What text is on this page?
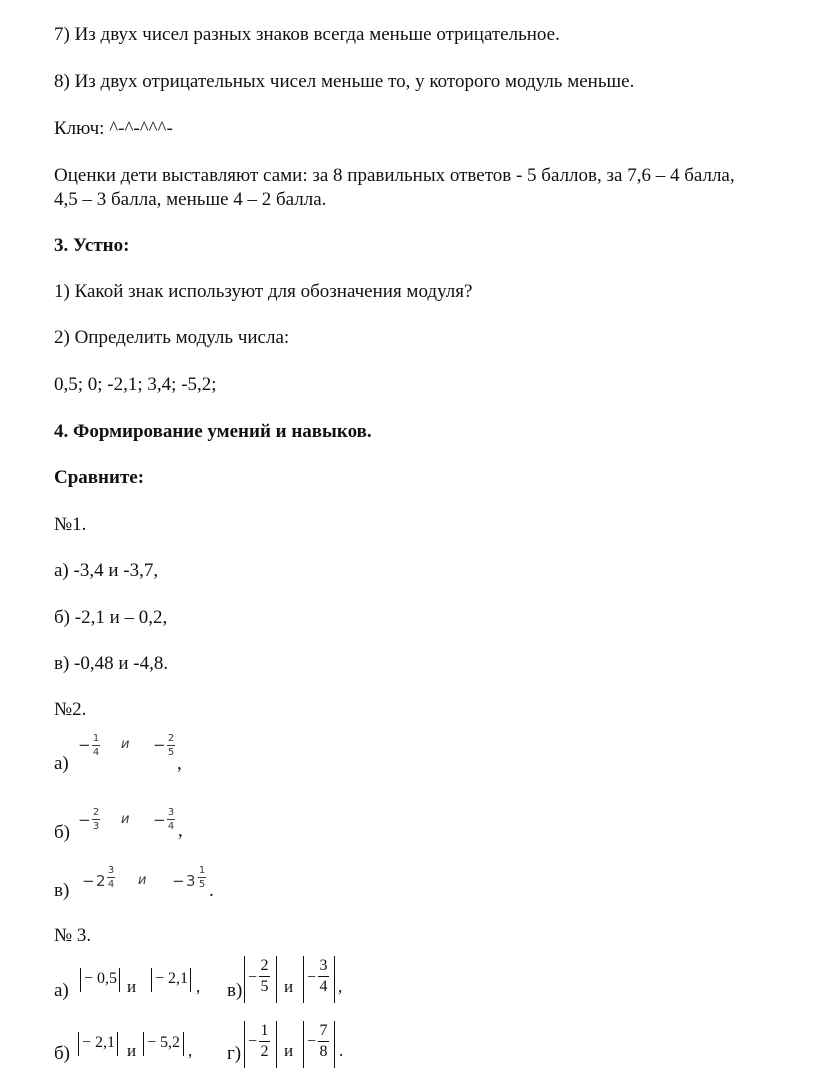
7) Из двух чисел разных знаков всегда меньше отрицательное.
8) Из двух отрицательных чисел меньше то, у которого модуль меньше.
Ключ: ^-^-^^^-
Оценки дети выставляют сами: за 8 правильных ответов - 5 баллов, за 7,6 – 4 балла,
4,5 – 3 балла, меньше 4 – 2 балла.
3. Устно:
1) Какой знак используют для обозначения модуля?
2) Определить модуль числа:
0,5; 0; -2,1; 3,4; -5,2;
4. Формирование умений и навыков.
Сравните:
№1.
а) -3,4 и -3,7,
б) -2,1 и – 0,2,
в) -0,48 и -4,8.
№2.
а)
− 1
4
и − 2
5
,
б)
− 2
3 и − 3
4 ,
в) − 2
3
4 и − 3
1
5 .
№ 3.
а)
− 0,5 и − 2,1 , в)
−
2
5 и −
3
4 ,
б)
− 2,1 и − 5,2 , г)
−
1
2 и −
7
8 .
